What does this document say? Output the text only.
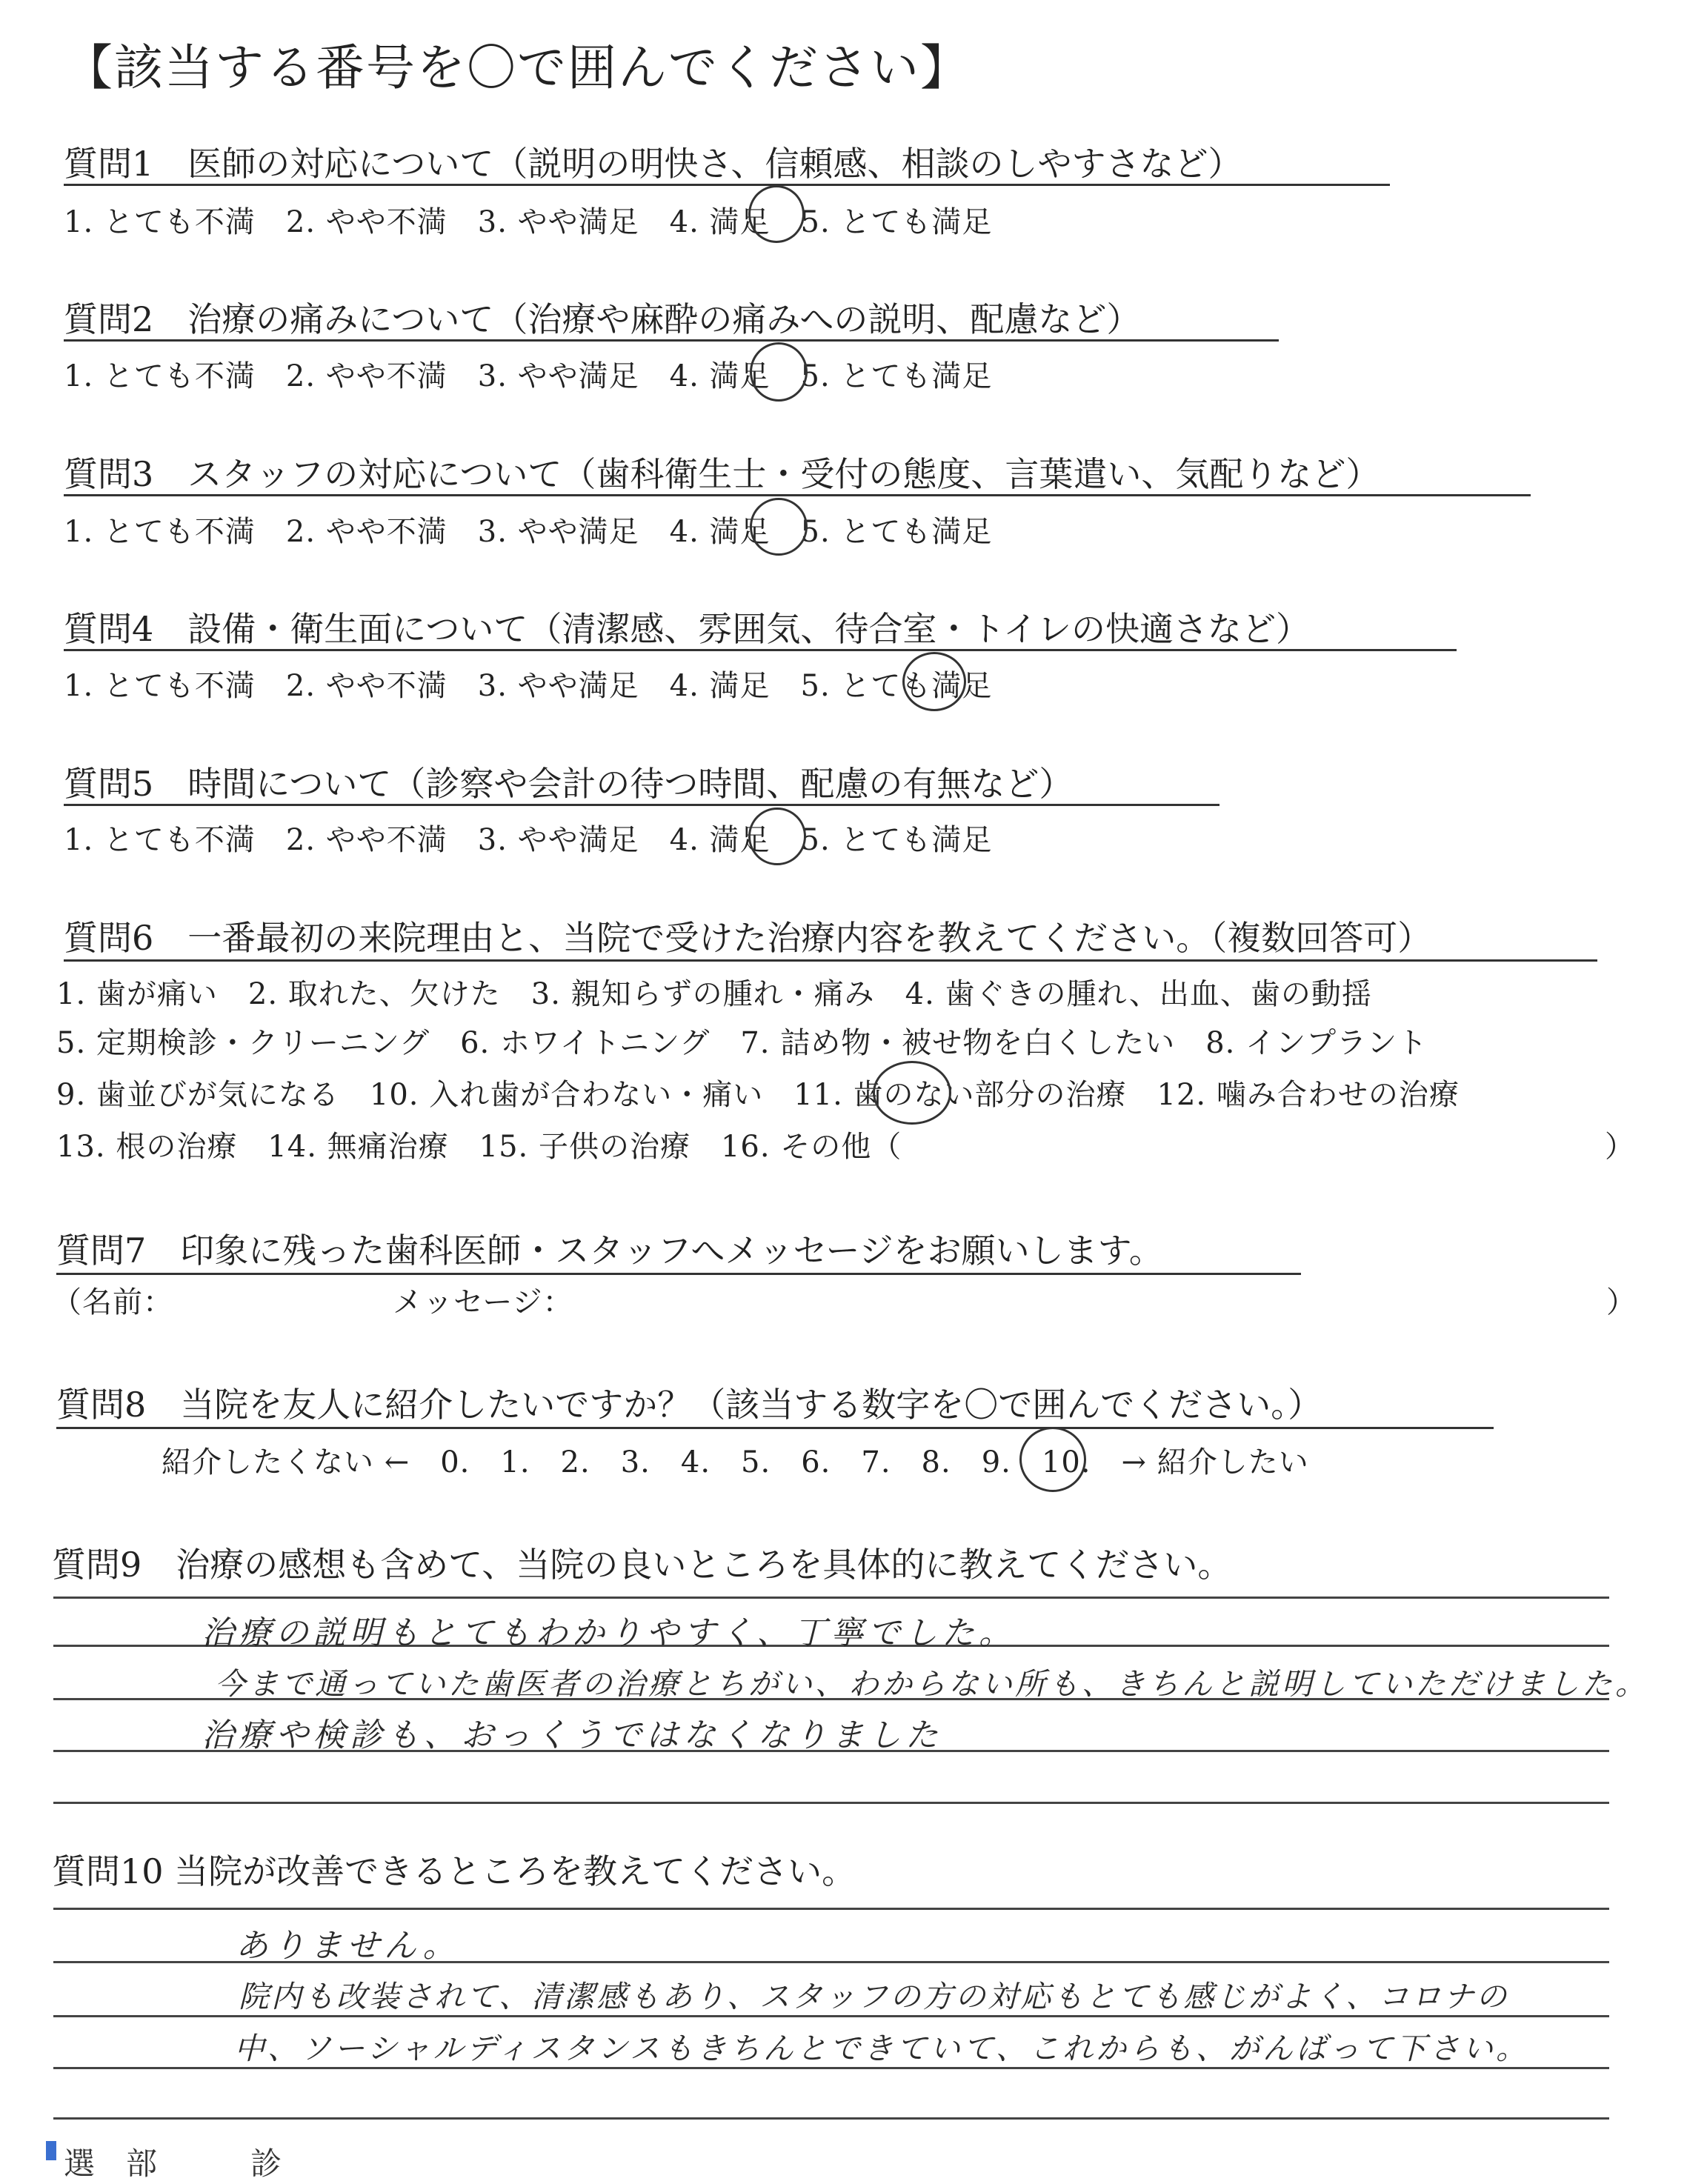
【該当する番号を〇で囲んでください】
質問1　医師の対応について（説明の明快さ、信頼感、相談のしやすさなど）
1. とても不満　2. やや不満　3. やや満足　4. 満足　5. とても満足
質問2　治療の痛みについて（治療や麻酔の痛みへの説明、配慮など）
1. とても不満　2. やや不満　3. やや満足　4. 満足　5. とても満足
質問3　スタッフの対応について（歯科衛生士・受付の態度、言葉遣い、気配りなど）
1. とても不満　2. やや不満　3. やや満足　4. 満足　5. とても満足
質問4　設備・衛生面について（清潔感、雰囲気、待合室・トイレの快適さなど）
1. とても不満　2. やや不満　3. やや満足　4. 満足　5. とても満足
質問5　時間について（診察や会計の待つ時間、配慮の有無など）
1. とても不満　2. やや不満　3. やや満足　4. 満足　5. とても満足
質問6　一番最初の来院理由と、当院で受けた治療内容を教えてください。（複数回答可）
1. 歯が痛い　2. 取れた、欠けた　3. 親知らずの腫れ・痛み　4. 歯ぐきの腫れ、出血、歯の動揺
5. 定期検診・クリーニング　6. ホワイトニング　7. 詰め物・被せ物を白くしたい　8. インプラント
9. 歯並びが気になる　10. 入れ歯が合わない・痛い　11. 歯のない部分の治療　12. 噛み合わせの治療
13. 根の治療　14. 無痛治療　15. 子供の治療　16. その他（	）
質問7　印象に残った歯科医師・スタッフへメッセージをお願いします。
（名前：	メッセージ：	）
質問8　当院を友人に紹介したいですか？（該当する数字を〇で囲んでください。）
紹介したくない ←　0.　1.　2.　3.　4.　5.　6.　7.　8.　9.　10.　→ 紹介したい
質問9　治療の感想も含めて、当院の良いところを具体的に教えてください。
治療の説明もとてもわかりやすく、丁寧でした。
今まで通っていた歯医者の治療とちがい、わからない所も、きちんと説明していただけました。
治療や検診も、おっくうではなくなりました
質問10 当院が改善できるところを教えてください。
ありません。
院内も改装されて、清潔感もあり、スタッフの方の対応もとても感じがよく、コロナの
中、ソーシャルディスタンスもきちんとできていて、これからも、がんばって下さい。
選　部　　　診　　　　　　　
